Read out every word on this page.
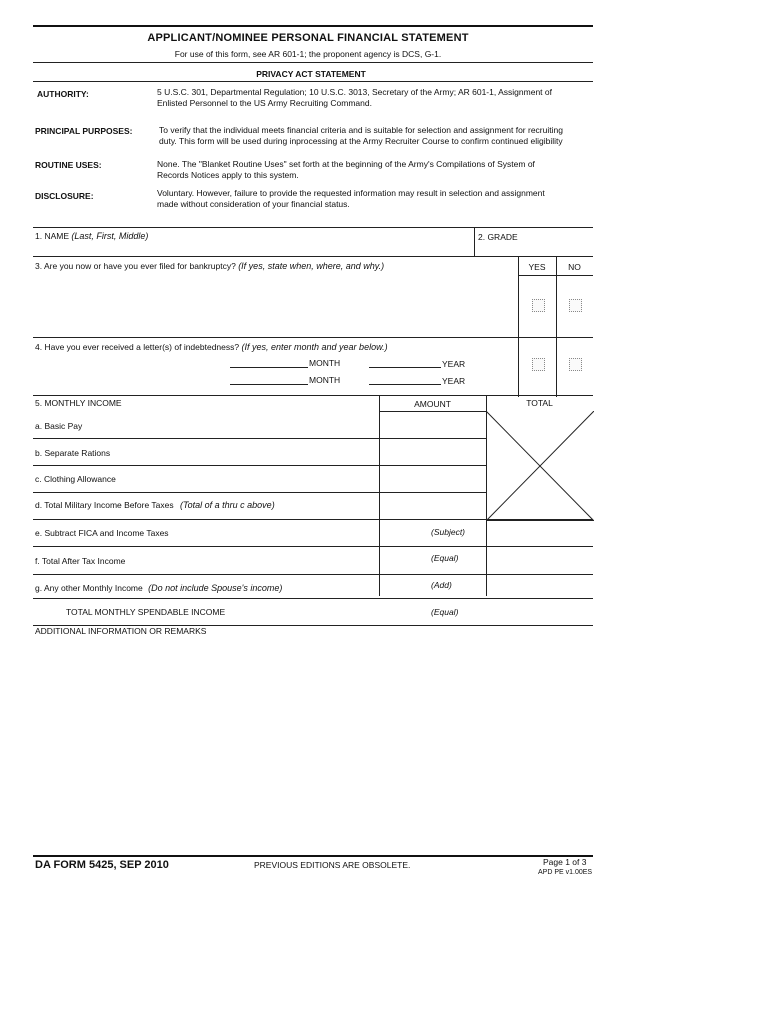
APPLICANT/NOMINEE PERSONAL FINANCIAL STATEMENT
For use of this form, see AR 601-1; the proponent agency is DCS, G-1.
PRIVACY ACT STATEMENT
AUTHORITY:	5 U.S.C. 301, Departmental Regulation; 10 U.S.C. 3013, Secretary of the Army; AR 601-1, Assignment of
Enlisted Personnel to the US Army Recruiting Command.
PRINCIPAL PURPOSES:	To verify that the individual meets financial criteria and is suitable for selection and assignment for recruiting
duty. This form will be used during inprocessing at the Army Recruiter Course to confirm continued eligibility
ROUTINE USES:	None. The "Blanket Routine Uses" set forth at the beginning of the Army's Compilations of System of
Records Notices apply to this system.
DISCLOSURE:	Voluntary. However, failure to provide the requested information may result in selection and assignment
made without consideration of your financial status.
1. NAME (Last, First, Middle)	2. GRADE
3. Are you now or have you ever filed for bankruptcy? (If yes, state when, where, and why.)	YES	NO
4. Have you ever received a letter(s) of indebtedness? (If yes, enter month and year below.)
MONTH	YEAR
MONTH	YEAR
5. MONTHLY INCOME	AMOUNT	TOTAL
a. Basic Pay
b. Separate Rations
c. Clothing Allowance
d. Total Military Income Before Taxes (Total of a thru c above)
e. Subtract FICA and Income Taxes	(Subject)
f. Total After Tax Income	(Equal)
g. Any other Monthly Income (Do not include Spouse's income)	(Add)
TOTAL MONTHLY SPENDABLE INCOME	(Equal)
ADDITIONAL INFORMATION OR REMARKS
DA FORM 5425, SEP 2010	PREVIOUS EDITIONS ARE OBSOLETE.	Page 1 of 3
APD PE v1.00ES
